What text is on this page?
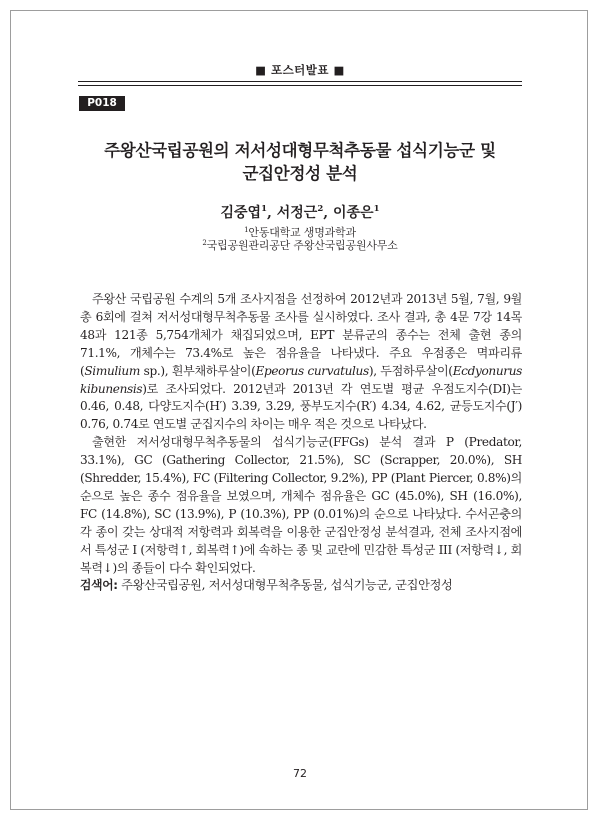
■ 포스터발표 ■
P018
주왕산국립공원의 저서성대형무척추동물 섭식기능군 및
군집안정성 분석
김중엽$^1$, 서정근$^2$, 이종은$^1$
$^1$안동대학교 생명과학과
$^2$국립공원관리공단 주왕산국립공원사무소

주왕산 국립공원 수계의 5개 조사지점을 선정하여 2012년과 2013년 5월, 7월, 9월 총 6회에 걸쳐 저서성대형무척추동물 조사를 실시하였다. 조사 결과, 총 4문 7강 14목 48과 121종 5,754개체가 채집되었으며, EPT 분류군의 종수는 전체 출현 종의 71.1%, 개체수는 73.4%로 높은 점유율을 나타냈다. 주요 우점종은 멱파리류 (Simulium sp.), 흰부채하루살이(Epeorus curvatulus), 두점하루살이(Ecdyonurus kibunensis)로 조사되었다. 2012년과 2013년 각 연도별 평균 우점도지수(DI)는 0.46, 0.48, 다양도지수(H′) 3.39, 3.29, 풍부도지수(R′) 4.34, 4.62, 균등도지수(J′) 0.76, 0.74로 연도별 군집지수의 차이는 매우 적은 것으로 나타났다.

출현한 저서성대형무척추동물의 섭식기능군(FFGs) 분석 결과 P (Predator, 33.1%), GC (Gathering Collector, 21.5%), SC (Scrapper, 20.0%), SH (Shredder, 15.4%), FC (Filtering Collector, 9.2%), PP (Plant Piercer, 0.8%)의 순으로 높은 종수 점유율을 보였으며, 개체수 점유율은 GC (45.0%), SH (16.0%), FC (14.8%), SC (13.9%), P (10.3%), PP (0.01%)의 순으로 나타났다. 수서곤충의 각 종이 갖는 상대적 저항력과 회복력을 이용한 군집안정성 분석결과, 전체 조사지점에서 특성군 I (저항력↑, 회복력↑)에 속하는 종 및 교란에 민감한 특성군 III (저항력↓, 회복력↓)의 종들이 다수 확인되었다.

검색어: 주왕산국립공원, 저서성대형무척추동물, 섭식기능군, 군집안정성
72
